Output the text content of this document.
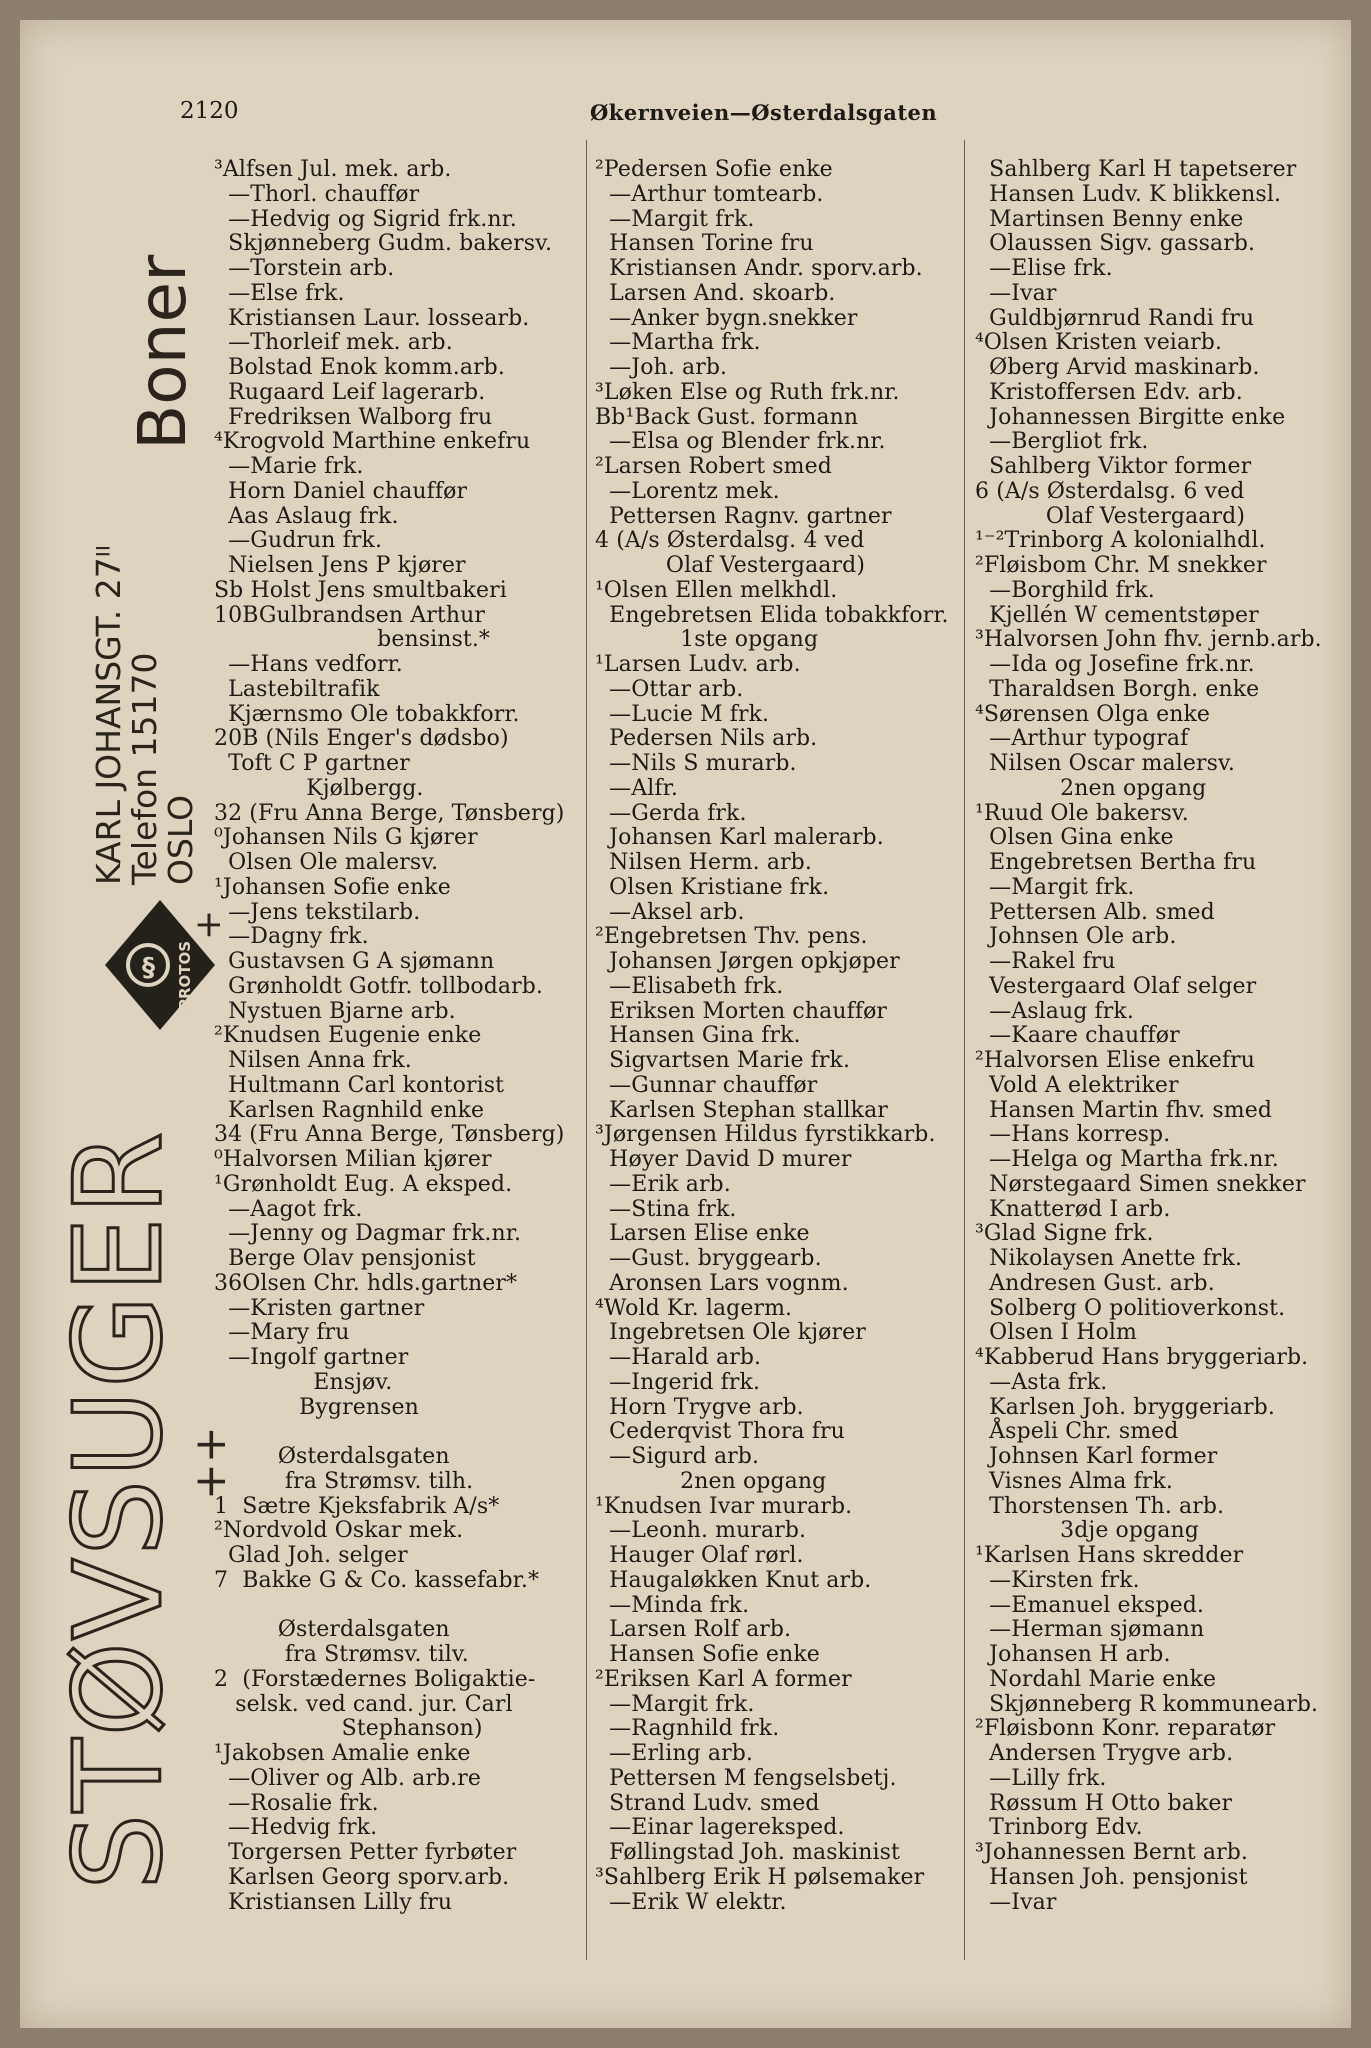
2120	Økernveien—Østerdalsgaten
STØVSUGER
++
§ PROTOS
KARL JOHANSGT. 27ᴵᴵ
Telefon 15170
OSLO
Boner
+
³Alfsen Jul. mek. arb.
—Thorl. chauffør
—Hedvig og Sigrid frk.nr.
Skjønneberg Gudm. bakersv.
—Torstein arb.
—Else frk.
Kristiansen Laur. lossearb.
—Thorleif mek. arb.
Bolstad Enok komm.arb.
Rugaard Leif lagerarb.
Fredriksen Walborg fru
⁴Krogvold Marthine enkefru
—Marie frk.
Horn Daniel chauffør
Aas Aslaug frk.
—Gudrun frk.
Nielsen Jens P kjører
Sb Holst Jens smultbakeri
10BGulbrandsen Arthur
bensinst.*
—Hans vedforr.
Lastebiltrafik
Kjærnsmo Ole tobakkforr.
20B (Nils Enger's dødsbo)
Toft C P gartner
Kjølbergg.
32 (Fru Anna Berge, Tønsberg)
⁰Johansen Nils G kjører
Olsen Ole malersv.
¹Johansen Sofie enke
—Jens tekstilarb.
—Dagny frk.
Gustavsen G A sjømann
Grønholdt Gotfr. tollbodarb.
Nystuen Bjarne arb.
²Knudsen Eugenie enke
Nilsen Anna frk.
Hultmann Carl kontorist
Karlsen Ragnhild enke
34 (Fru Anna Berge, Tønsberg)
⁰Halvorsen Milian kjører
¹Grønholdt Eug. A eksped.
—Aagot frk.
—Jenny og Dagmar frk.nr.
Berge Olav pensjonist
36Olsen Chr. hdls.gartner*
—Kristen gartner
—Mary fru
—Ingolf gartner
Ensjøv.
Bygrensen
Østerdalsgaten
fra Strømsv. tilh.
1  Sætre Kjeksfabrik A/s*
²Nordvold Oskar mek.
Glad Joh. selger
7  Bakke G & Co. kassefabr.*
Østerdalsgaten
fra Strømsv. tilv.
2  (Forstædernes Boligaktie-
selsk. ved cand. jur. Carl
Stephanson)
¹Jakobsen Amalie enke
—Oliver og Alb. arb.re
—Rosalie frk.
—Hedvig frk.
Torgersen Petter fyrbøter
Karlsen Georg sporv.arb.
Kristiansen Lilly fru
²Pedersen Sofie enke
—Arthur tomtearb.
—Margit frk.
Hansen Torine fru
Kristiansen Andr. sporv.arb.
Larsen And. skoarb.
—Anker bygn.snekker
—Martha frk.
—Joh. arb.
³Løken Else og Ruth frk.nr.
Bb¹Back Gust. formann
—Elsa og Blender frk.nr.
²Larsen Robert smed
—Lorentz mek.
Pettersen Ragnv. gartner
4 (A/s Østerdalsg. 4 ved
Olaf Vestergaard)
¹Olsen Ellen melkhdl.
Engebretsen Elida tobakkforr.
1ste opgang
¹Larsen Ludv. arb.
—Ottar arb.
—Lucie M frk.
Pedersen Nils arb.
—Nils S murarb.
—Alfr.
—Gerda frk.
Johansen Karl malerarb.
Nilsen Herm. arb.
Olsen Kristiane frk.
—Aksel arb.
²Engebretsen Thv. pens.
Johansen Jørgen opkjøper
—Elisabeth frk.
Eriksen Morten chauffør
Hansen Gina frk.
Sigvartsen Marie frk.
—Gunnar chauffør
Karlsen Stephan stallkar
³Jørgensen Hildus fyrstikkarb.
Høyer David D murer
—Erik arb.
—Stina frk.
Larsen Elise enke
—Gust. bryggearb.
Aronsen Lars vognm.
⁴Wold Kr. lagerm.
Ingebretsen Ole kjører
—Harald arb.
—Ingerid frk.
Horn Trygve arb.
Cederqvist Thora fru
—Sigurd arb.
2nen opgang
¹Knudsen Ivar murarb.
—Leonh. murarb.
Hauger Olaf rørl.
Haugaløkken Knut arb.
—Minda frk.
Larsen Rolf arb.
Hansen Sofie enke
²Eriksen Karl A former
—Margit frk.
—Ragnhild frk.
—Erling arb.
Pettersen M fengselsbetj.
Strand Ludv. smed
—Einar lagereksped.
Føllingstad Joh. maskinist
³Sahlberg Erik H pølsemaker
—Erik W elektr.
Sahlberg Karl H tapetserer
Hansen Ludv. K blikkensl.
Martinsen Benny enke
Olaussen Sigv. gassarb.
—Elise frk.
—Ivar
Guldbjørnrud Randi fru
⁴Olsen Kristen veiarb.
Øberg Arvid maskinarb.
Kristoffersen Edv. arb.
Johannessen Birgitte enke
—Bergliot frk.
Sahlberg Viktor former
6 (A/s Østerdalsg. 6 ved
Olaf Vestergaard)
¹⁻²Trinborg A kolonialhdl.
²Fløisbom Chr. M snekker
—Borghild frk.
Kjellén W cementstøper
³Halvorsen John fhv. jernb.arb.
—Ida og Josefine frk.nr.
Tharaldsen Borgh. enke
⁴Sørensen Olga enke
—Arthur typograf
Nilsen Oscar malersv.
2nen opgang
¹Ruud Ole bakersv.
Olsen Gina enke
Engebretsen Bertha fru
—Margit frk.
Pettersen Alb. smed
Johnsen Ole arb.
—Rakel fru
Vestergaard Olaf selger
—Aslaug frk.
—Kaare chauffør
²Halvorsen Elise enkefru
Vold A elektriker
Hansen Martin fhv. smed
—Hans korresp.
—Helga og Martha frk.nr.
Nørstegaard Simen snekker
Knatterød I arb.
³Glad Signe frk.
Nikolaysen Anette frk.
Andresen Gust. arb.
Solberg O politioverkonst.
Olsen I Holm
⁴Kabberud Hans bryggeriarb.
—Asta frk.
Karlsen Joh. bryggeriarb.
Åspeli Chr. smed
Johnsen Karl former
Visnes Alma frk.
Thorstensen Th. arb.
3dje opgang
¹Karlsen Hans skredder
—Kirsten frk.
—Emanuel eksped.
—Herman sjømann
Johansen H arb.
Nordahl Marie enke
Skjønneberg R kommunearb.
²Fløisbonn Konr. reparatør
Andersen Trygve arb.
—Lilly frk.
Røssum H Otto baker
Trinborg Edv.
³Johannessen Bernt arb.
Hansen Joh. pensjonist
—Ivar
